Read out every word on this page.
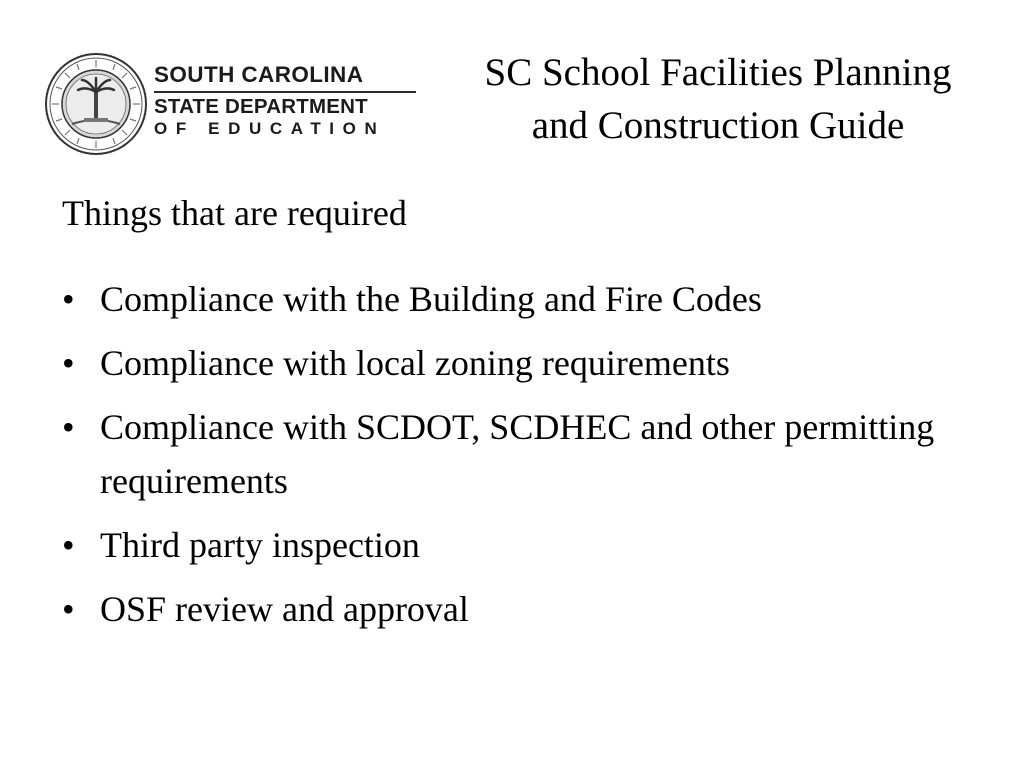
SOUTH CAROLINA
STATE DEPARTMENT
OF EDUCATION
SC School Facilities Planning
and Construction Guide
Things that are required
• Compliance with the Building and Fire Codes
• Compliance with local zoning requirements
• Compliance with SCDOT, SCDHEC and other permitting requirements
• Third party inspection
• OSF review and approval
